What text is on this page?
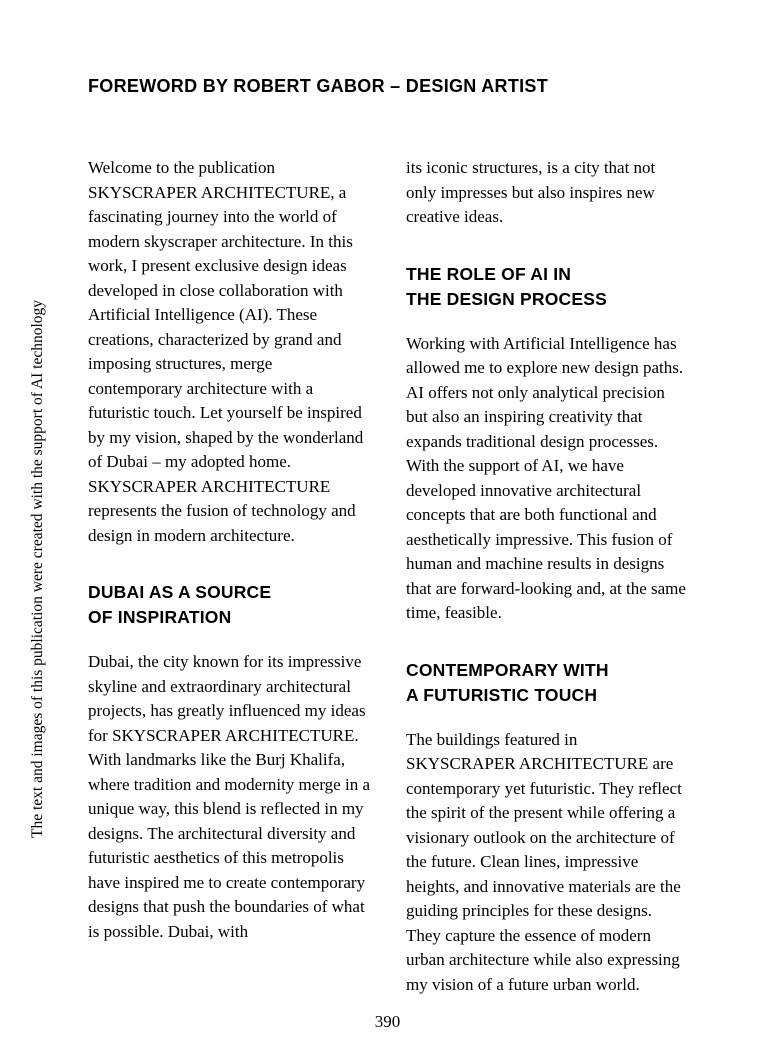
The text and images of this publication were created with the support of AI technology
FOREWORD BY ROBERT GABOR – DESIGN ARTIST

Welcome to the publication SKYSCRAPER ARCHITECTURE, a fascinating journey into the world of modern skyscraper architecture. In this work, I present exclusive design ideas developed in close collaboration with Artificial Intelligence (AI). These creations, characterized by grand and imposing structures, merge contemporary architecture with a futuristic touch. Let yourself be inspired by my vision, shaped by the wonderland of Dubai – my adopted home. SKYSCRAPER ARCHITECTURE represents the fusion of technology and design in modern architecture.

DUBAI AS A SOURCE
OF INSPIRATION

Dubai, the city known for its impressive skyline and extraordinary architectural projects, has greatly influenced my ideas for SKYSCRAPER ARCHITECTURE. With landmarks like the Burj Khalifa, where tradition and modernity merge in a unique way, this blend is reflected in my designs. The architectural diversity and futuristic aesthetics of this metropolis have inspired me to create contemporary designs that push the boundaries of what is possible. Dubai, with

its iconic structures, is a city that not only impresses but also inspires new creative ideas.

THE ROLE OF AI IN
THE DESIGN PROCESS

Working with Artificial Intelligence has allowed me to explore new design paths. AI offers not only analytical precision but also an inspiring creativity that expands traditional design processes. With the support of AI, we have developed innovative architectural concepts that are both functional and aesthetically impressive. This fusion of human and machine results in designs that are forward-looking and, at the same time, feasible.

CONTEMPORARY WITH
A FUTURISTIC TOUCH

The buildings featured in SKYSCRAPER ARCHITECTURE are contemporary yet futuristic. They reflect the spirit of the present while offering a visionary outlook on the architecture of the future. Clean lines, impressive heights, and innovative materials are the guiding principles for these designs. They capture the essence of modern urban architecture while also expressing my vision of a future urban world.

390
